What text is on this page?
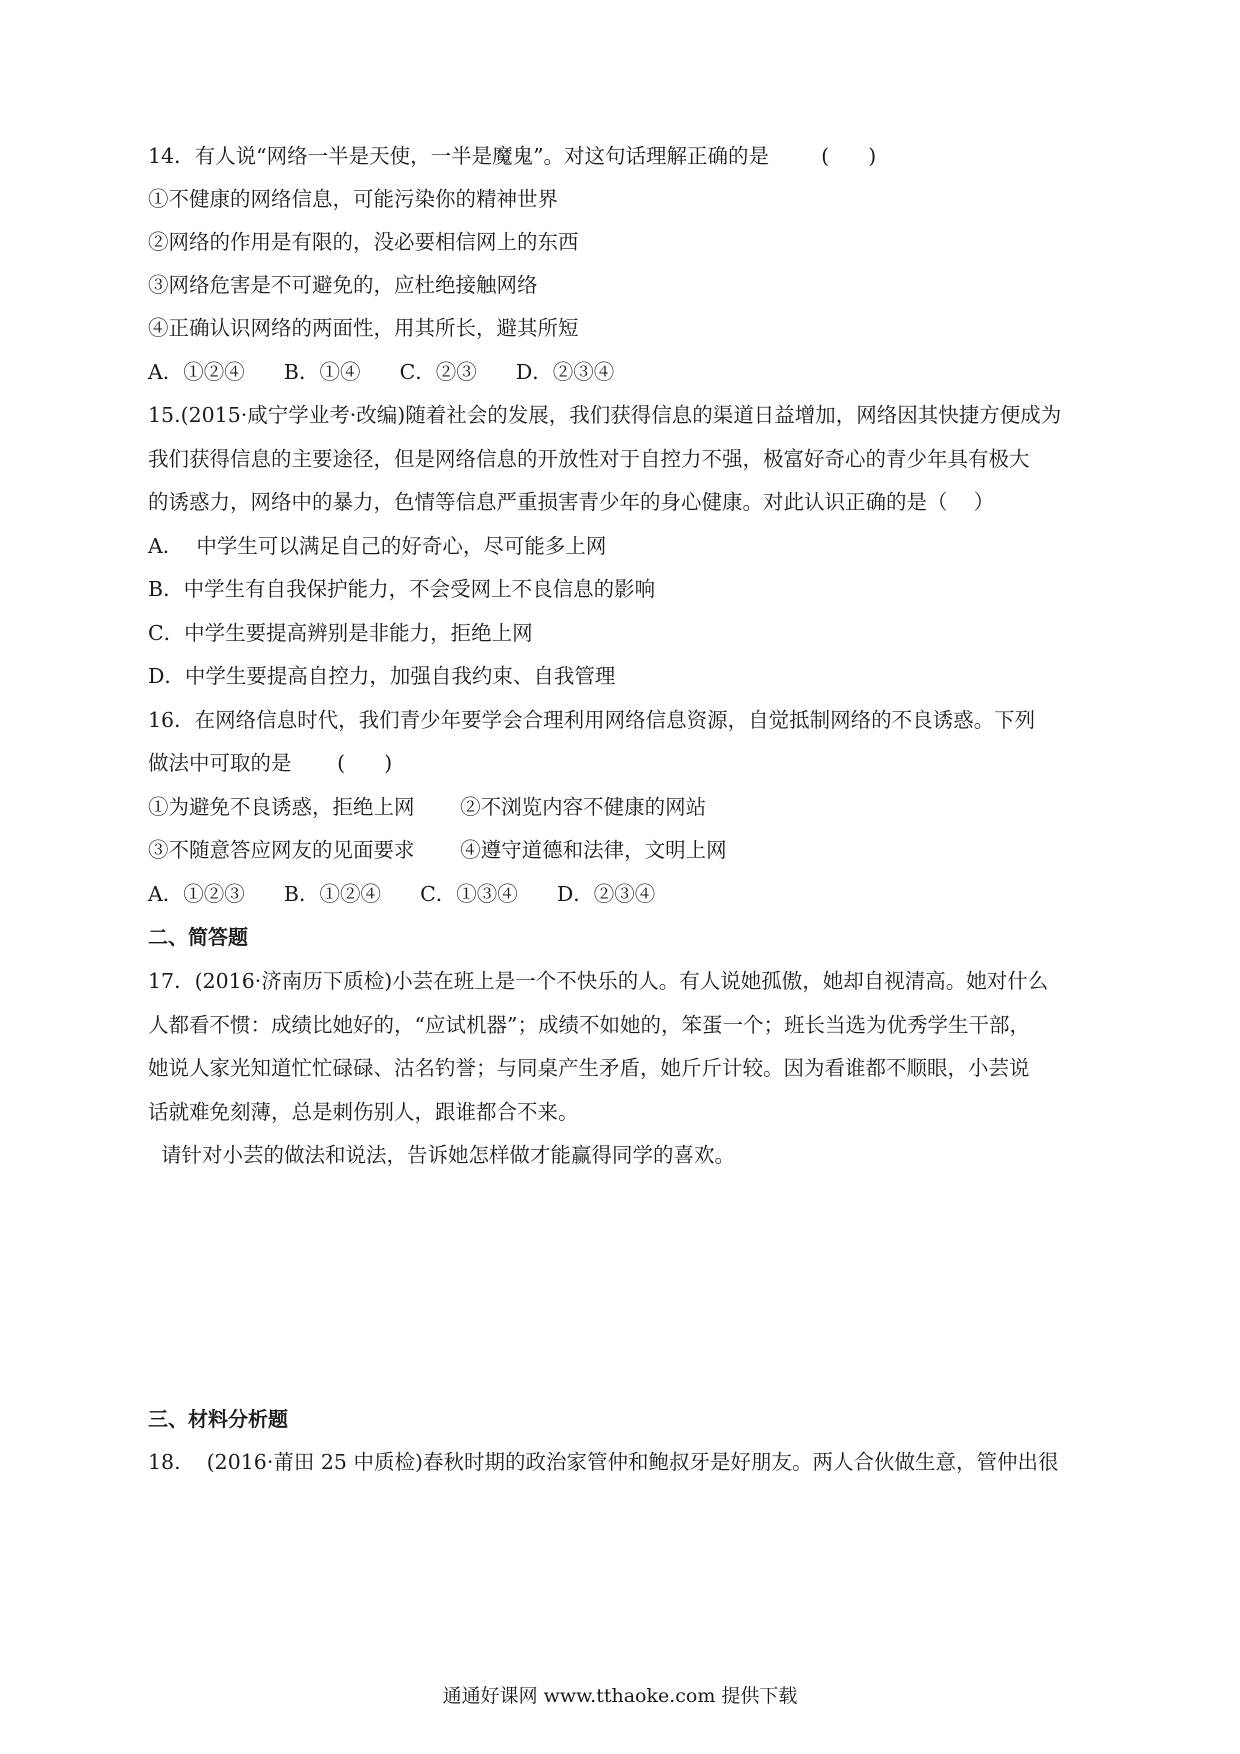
14．有人说“网络一半是天使，一半是魔鬼”。对这句话理解正确的是        (      )
①不健康的网络信息，可能污染你的精神世界
②网络的作用是有限的，没必要相信网上的东西
③网络危害是不可避免的，应杜绝接触网络
④正确认识网络的两面性，用其所长，避其所短
A．①②④      B．①④      C．②③      D．②③④
15.(2015·咸宁学业考·改编)随着社会的发展，我们获得信息的渠道日益增加，网络因其快捷方便成为
我们获得信息的主要途径，但是网络信息的开放性对于自控力不强，极富好奇心的青少年具有极大
的诱惑力，网络中的暴力，色情等信息严重损害青少年的身心健康。对此认识正确的是（    ）
A．  中学生可以满足自己的好奇心，尽可能多上网
B．中学生有自我保护能力，不会受网上不良信息的影响
C．中学生要提高辨别是非能力，拒绝上网
D．中学生要提高自控力，加强自我约束、自我管理
16．在网络信息时代，我们青少年要学会合理利用网络信息资源，自觉抵制网络的不良诱惑。下列
做法中可取的是       (      )
①为避免不良诱惑，拒绝上网       ②不浏览内容不健康的网站
③不随意答应网友的见面要求       ④遵守道德和法律，文明上网
A．①②③      B．①②④      C．①③④      D．②③④
二、简答题
17．(2016·济南历下质检)小芸在班上是一个不快乐的人。有人说她孤傲，她却自视清高。她对什么
人都看不惯：成绩比她好的，“应试机器”；成绩不如她的，笨蛋一个；班长当选为优秀学生干部，
她说人家光知道忙忙碌碌、沽名钓誉；与同桌产生矛盾，她斤斤计较。因为看谁都不顺眼，小芸说
话就难免刻薄，总是刺伤别人，跟谁都合不来。
请针对小芸的做法和说法，告诉她怎样做才能赢得同学的喜欢。
三、材料分析题
18.    (2016·莆田 25 中质检)春秋时期的政治家管仲和鲍叔牙是好朋友。两人合伙做生意，管仲出很
通通好课网 www.tthaoke.com 提供下载
